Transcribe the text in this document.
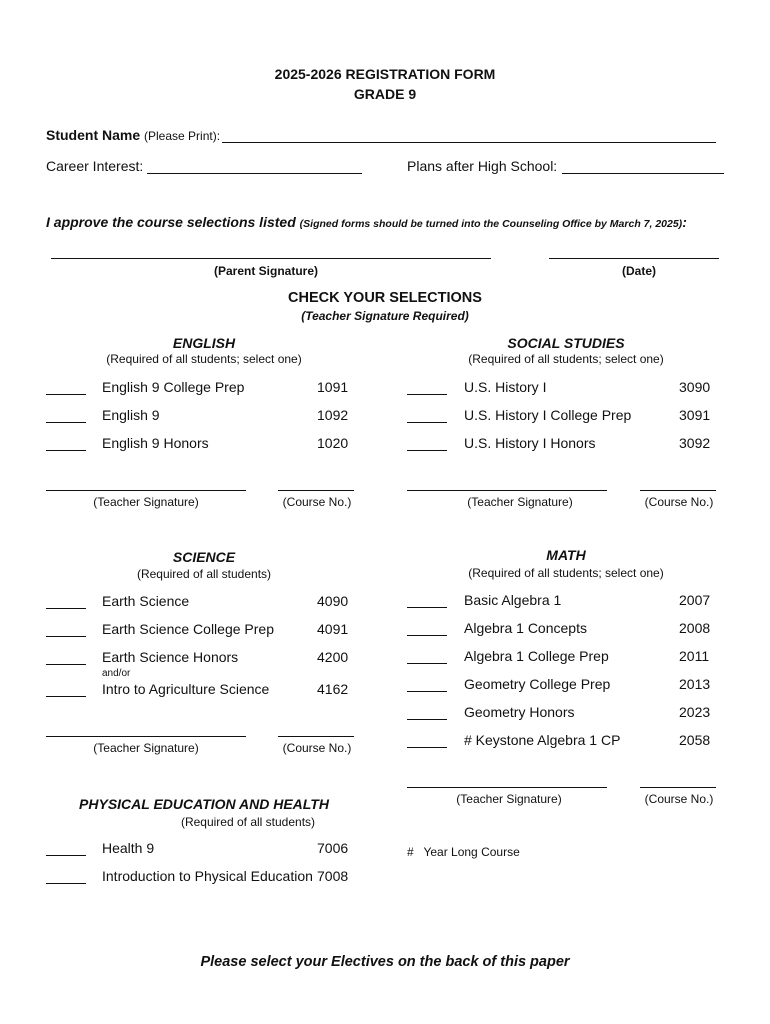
2025-2026 REGISTRATION FORM
GRADE 9
Student Name (Please Print):
Career Interest:	Plans after High School:
I approve the course selections listed (Signed forms should be turned into the Counseling Office by March 7, 2025):
(Parent Signature)	(Date)
CHECK YOUR SELECTIONS
(Teacher Signature Required)
ENGLISH
(Required of all students; select one)
English 9 College Prep	1091
English 9	1092
English 9 Honors	1020
(Teacher Signature)	(Course No.)
SOCIAL STUDIES
(Required of all students; select one)
U.S. History I	3090
U.S. History I College Prep	3091
U.S. History I Honors	3092
(Teacher Signature)	(Course No.)
SCIENCE
(Required of all students)
Earth Science	4090
Earth Science College Prep	4091
Earth Science Honors	4200
and/or
Intro to Agriculture Science	4162
(Teacher Signature)	(Course No.)
MATH
(Required of all students; select one)
Basic Algebra 1	2007
Algebra 1 Concepts	2008
Algebra 1 College Prep	2011
Geometry College Prep	2013
Geometry Honors	2023
# Keystone Algebra 1 CP	2058
(Teacher Signature)	(Course No.)
PHYSICAL EDUCATION AND HEALTH
(Required of all students)
Health 9	7006
Introduction to Physical Education 7008
#   Year Long Course
Please select your Electives on the back of this paper
